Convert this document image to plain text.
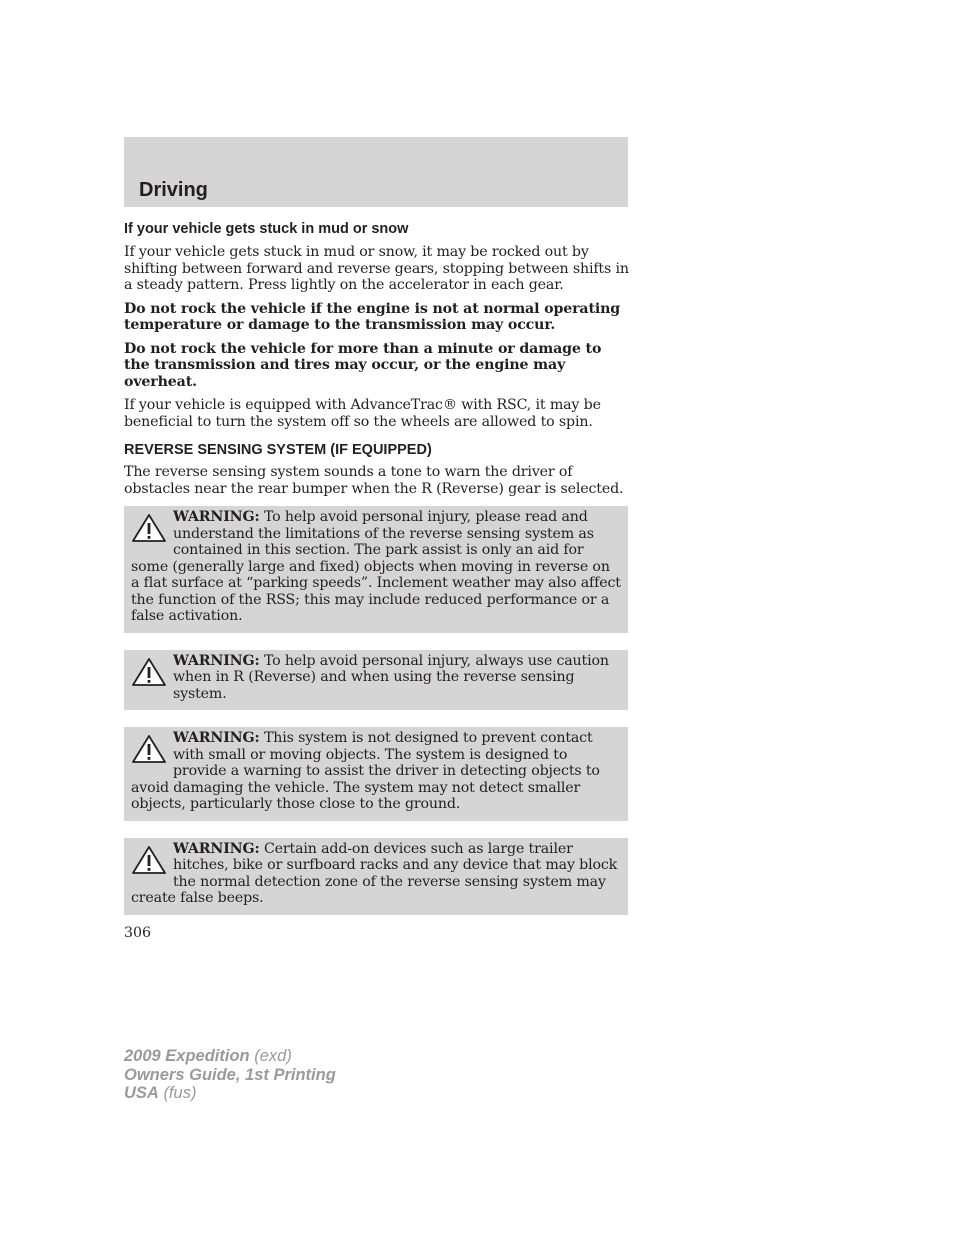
Driving
If your vehicle gets stuck in mud or snow

If your vehicle gets stuck in mud or snow, it may be rocked out by shifting between forward and reverse gears, stopping between shifts in a steady pattern. Press lightly on the accelerator in each gear.

Do not rock the vehicle if the engine is not at normal operating temperature or damage to the transmission may occur.

Do not rock the vehicle for more than a minute or damage to the transmission and tires may occur, or the engine may overheat.

If your vehicle is equipped with AdvanceTrac® with RSC, it may be beneficial to turn the system off so the wheels are allowed to spin.

REVERSE SENSING SYSTEM (IF EQUIPPED)

The reverse sensing system sounds a tone to warn the driver of obstacles near the rear bumper when the R (Reverse) gear is selected.

WARNING: To help avoid personal injury, please read and understand the limitations of the reverse sensing system as contained in this section. The park assist is only an aid for some (generally large and fixed) objects when moving in reverse on a flat surface at “parking speeds”. Inclement weather may also affect the function of the RSS; this may include reduced performance or a false activation.
WARNING: To help avoid personal injury, always use caution when in R (Reverse) and when using the reverse sensing system.
WARNING: This system is not designed to prevent contact with small or moving objects. The system is designed to provide a warning to assist the driver in detecting objects to avoid damaging the vehicle. The system may not detect smaller objects, particularly those close to the ground.
WARNING: Certain add-on devices such as large trailer hitches, bike or surfboard racks and any device that may block the normal detection zone of the reverse sensing system may create false beeps.
306
2009 Expedition (exd)
Owners Guide, 1st Printing
USA (fus)
